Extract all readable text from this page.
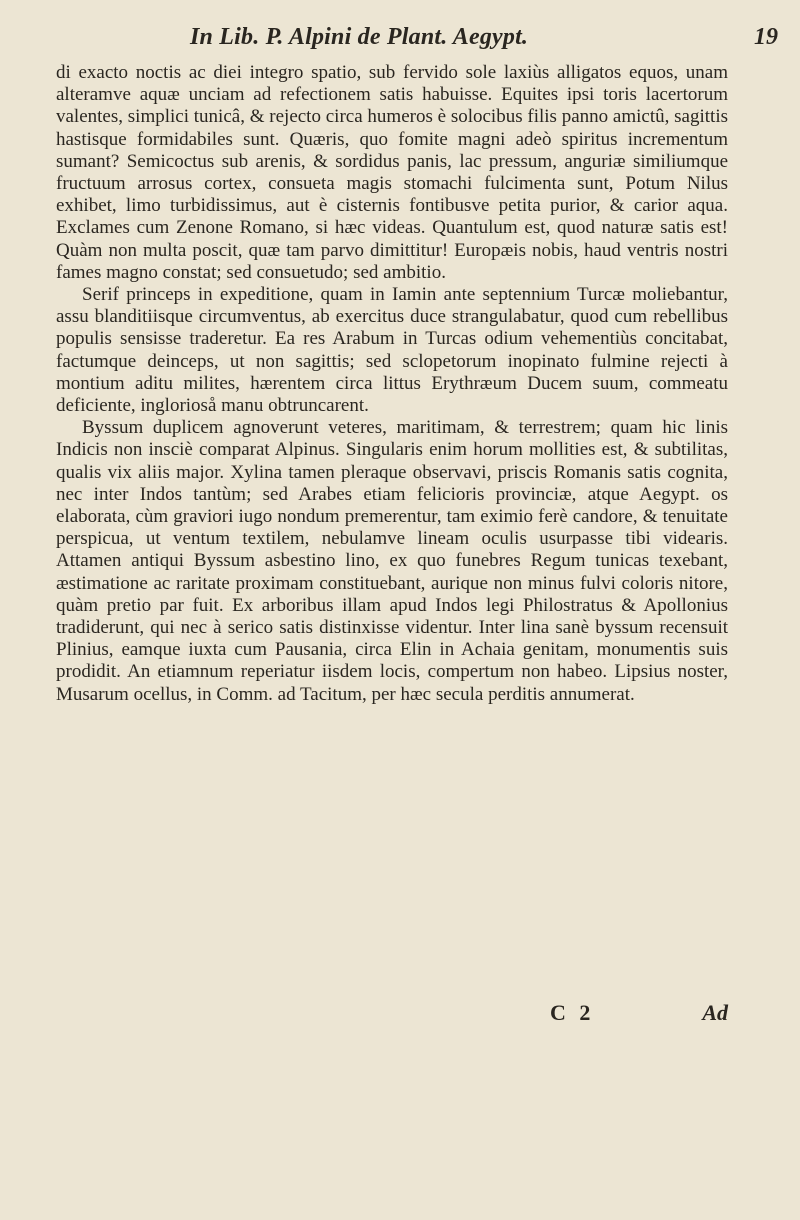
In Lib. P. Alpini de Plant. Aegypt.	19

di exacto noctis ac diei integro spatio, sub fervido sole laxiùs alligatos equos, unam alteramve aquæ unciam ad refectionem satis habuisse. Equites ipsi toris lacertorum valentes, simplici tunicâ, & rejecto circa humeros è solocibus filis panno amictû, sagittis hastisque formidabiles sunt. Quæris, quo fomite magni adeò spiritus incrementum sumant? Semicoctus sub arenis, & sordidus panis, lac pressum, anguriæ similiumque fructuum arrosus cortex, consueta magis stomachi fulcimenta sunt, Potum Nilus exhibet, limo turbidissimus, aut è cisternis fontibusve petita purior, & carior aqua. Exclames cum Zenone Romano, si hæc videas. Quantulum est, quod naturæ satis est! Quàm non multa poscit, quæ tam parvo dimittitur! Europæis nobis, haud ventris nostri fames magno constat; sed consuetudo; sed ambitio.

Serif princeps in expeditione, quam in Iamin ante septennium Turcæ moliebantur, assu blanditiisque circumventus, ab exercitus duce strangulabatur, quod cum rebellibus populis sensisse traderetur. Ea res Arabum in Turcas odium vehementiùs concitabat, factumque deinceps, ut non sagittis; sed sclopetorum inopinato fulmine rejecti à montium aditu milites, hærentem circa littus Erythræum Ducem suum, commeatu deficiente, inglorioså manu obtruncarent.

Byssum duplicem agnoverunt veteres, maritimam, & terrestrem; quam hic linis Indicis non insciè comparat Alpinus. Singularis enim horum mollities est, & subtilitas, qualis vix aliis major. Xylina tamen pleraque observavi, priscis Romanis satis cognita, nec inter Indos tantùm; sed Arabes etiam felicioris provinciæ, atque Aegypt. os elaborata, cùm graviori iugo nondum premerentur, tam eximio ferè candore, & tenuitate perspicua, ut ventum textilem, nebulamve lineam oculis usurpasse tibi videaris. Attamen antiqui Byssum asbestino lino, ex quo funebres Regum tunicas texebant, æstimatione ac raritate proximam constituebant, aurique non minus fulvi coloris nitore, quàm pretio par fuit. Ex arboribus illam apud Indos legi Philostratus & Apollonius tradiderunt, qui nec à serico satis distinxisse videntur. Inter lina sanè byssum recensuit Plinius, eamque iuxta cum Pausania, circa Elin in Achaia genitam, monumentis suis prodidit. An etiamnum reperiatur iisdem locis, compertum non habeo. Lipsius noster, Musarum ocellus, in Comm. ad Tacitum, per hæc secula perditis annumerat.

C 2	Ad
